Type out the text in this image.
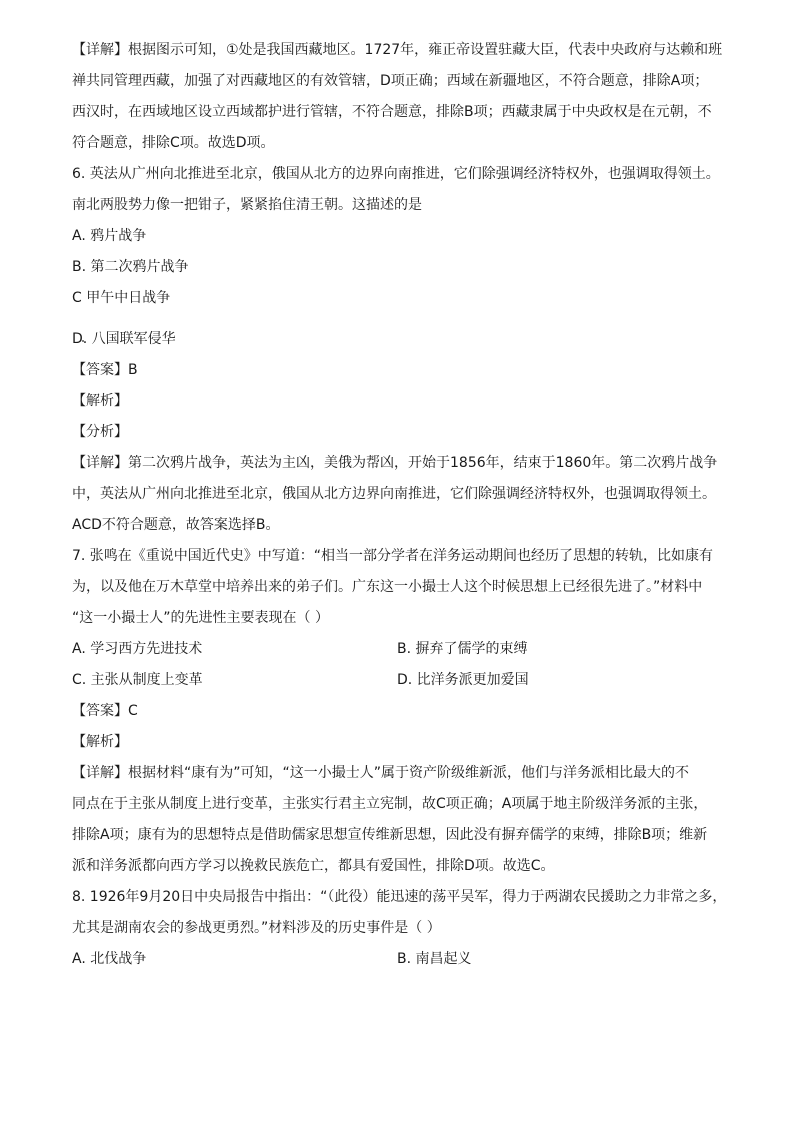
【详解】根据图示可知，①处是我国西藏地区。1727年，雍正帝设置驻藏大臣，代表中央政府与达赖和班
禅共同管理西藏，加强了对西藏地区的有效管辖，D项正确；西域在新疆地区，不符合题意，排除A项；
西汉时，在西域地区设立西域都护进行管辖，不符合题意，排除B项；西藏隶属于中央政权是在元朝，不
符合题意，排除C项。故选D项。
6. 英法从广州向北推进至北京，俄国从北方的边界向南推进，它们除强调经济特权外，也强调取得领土。
南北两股势力像一把钳子，紧紧掐住清王朝。这描述的是
A. 鸦片战争
B. 第二次鸦片战争
C 甲午中日战争
D. 八国联军侵华
【答案】B
【解析】
【分析】
【详解】第二次鸦片战争，英法为主凶，美俄为帮凶，开始于1856年，结束于1860年。第二次鸦片战争
中，英法从广州向北推进至北京，俄国从北方边界向南推进，它们除强调经济特权外，也强调取得领土。
ACD不符合题意，故答案选择B。
7. 张鸣在《重说中国近代史》中写道：“相当一部分学者在洋务运动期间也经历了思想的转轨，比如康有
为，以及他在万木草堂中培养出来的弟子们。广东这一小撮士人这个时候思想上已经很先进了。”材料中
“这一小撮士人”的先进性主要表现在（ ）
A. 学习西方先进技术	B. 摒弃了儒学的束缚
C. 主张从制度上变革	D. 比洋务派更加爱国
【答案】C
【解析】
【详解】根据材料“康有为”可知，“这一小撮士人”属于资产阶级维新派，他们与洋务派相比最大的不
同点在于主张从制度上进行变革，主张实行君主立宪制，故C项正确；A项属于地主阶级洋务派的主张，
排除A项；康有为的思想特点是借助儒家思想宣传维新思想，因此没有摒弃儒学的束缚，排除B项；维新
派和洋务派都向西方学习以挽救民族危亡，都具有爱国性，排除D项。故选C。
8. 1926年9月20日中央局报告中指出：“（此役）能迅速的荡平吴军，得力于两湖农民援助之力非常之多，
尤其是湖南农会的参战更勇烈。”材料涉及的历史事件是（ ）
A. 北伐战争	B. 南昌起义
